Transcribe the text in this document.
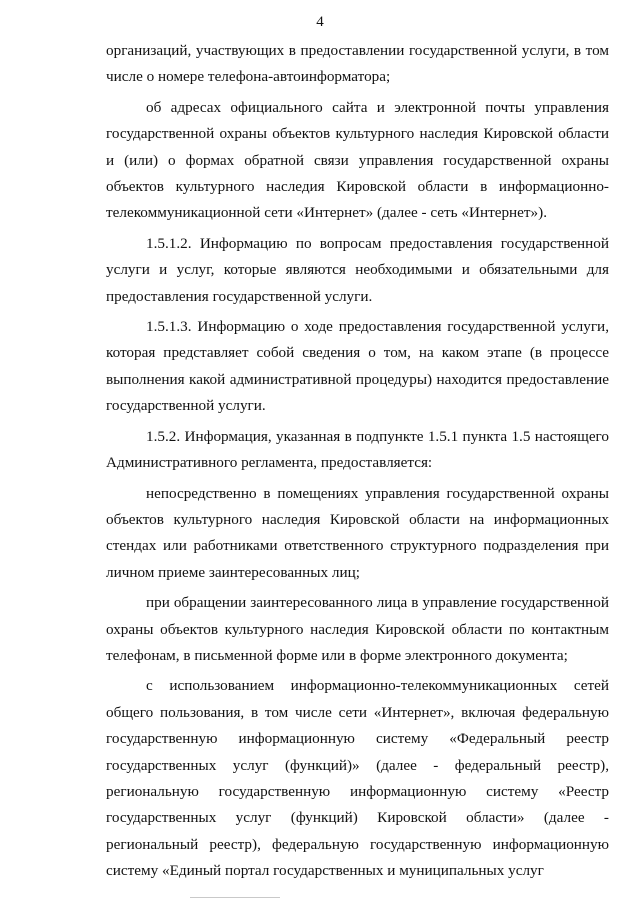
4

организаций, участвующих в предоставлении государственной услуги, в том числе о номере телефона-автоинформатора;

об адресах официального сайта и электронной почты управления государственной охраны объектов культурного наследия Кировской области и (или) о формах обратной связи управления государственной охраны объектов культурного наследия Кировской области в информационно-телекоммуникационной сети «Интернет» (далее - сеть «Интернет»).

1.5.1.2. Информацию по вопросам предоставления государственной услуги и услуг, которые являются необходимыми и обязательными для предоставления государственной услуги.

1.5.1.3. Информацию о ходе предоставления государственной услуги, которая представляет собой сведения о том, на каком этапе (в процессе выполнения какой административной процедуры) находится предоставление государственной услуги.

1.5.2. Информация, указанная в подпункте 1.5.1 пункта 1.5 настоящего Административного регламента, предоставляется:

непосредственно в помещениях управления государственной охраны объектов культурного наследия Кировской области на информационных стендах или работниками ответственного структурного подразделения при личном приеме заинтересованных лиц;

при обращении заинтересованного лица в управление государственной охраны объектов культурного наследия Кировской области по контактным телефонам, в письменной форме или в форме электронного документа;

с использованием информационно-телекоммуникационных сетей общего пользования, в том числе сети «Интернет», включая федеральную государственную информационную систему «Федеральный реестр государственных услуг (функций)» (далее - федеральный реестр), региональную государственную информационную систему «Реестр государственных услуг (функций) Кировской области» (далее - региональный реестр), федеральную государственную информационную систему «Единый портал государственных и муниципальных услуг
